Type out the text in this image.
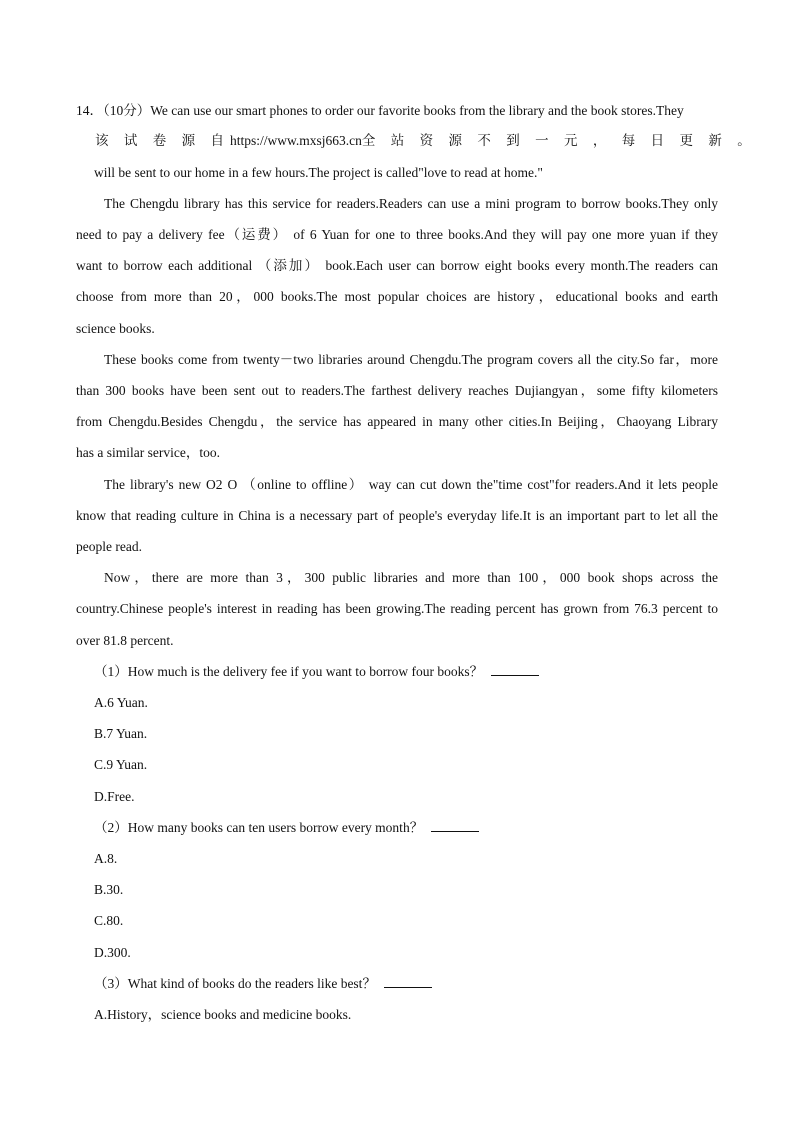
14．（10分）We can use our smart phones to order our favorite books from the library and the book stores.They
该 试 卷 源 自 https://www.mxsj663.cn 全 站 资 源 不 到 一 元 ， 每 日 更 新 。
will be sent to our home in a few hours.The project is called"love to read at home."
The Chengdu library has this service for readers.Readers can use a mini program to borrow books.They only
need to pay a delivery fee（运费） of 6 Yuan for one to three books.And they will pay one more yuan if they
want to borrow each additional （添加） book.Each user can borrow eight books every month.The readers can
choose from more than 20，000 books.The most popular choices are history，educational books and earth
science books.
These books come from twenty－two libraries around Chengdu.The program covers all the city.So far，more
than 300 books have been sent out to readers.The farthest delivery reaches Dujiangyan，some fifty kilometers
from Chengdu.Besides Chengdu，the service has appeared in many other cities.In Beijing，Chaoyang Library
has a similar service，too.
The library's new O2 O （online to offline） way can cut down the"time cost"for readers.And it lets people
know that reading culture in China is a necessary part of people's everyday life.It is an important part to let all the
people read.
Now，there are more than 3，300 public libraries and more than 100，000 book shops across the
country.Chinese people's interest in reading has been growing.The reading percent has grown from 76.3 percent to
over 81.8 percent.
（1）How much is the delivery fee if you want to borrow four books？
A.6 Yuan.
B.7 Yuan.
C.9 Yuan.
D.Free.
（2）How many books can ten users borrow every month？
A.8.
B.30.
C.80.
D.300.
（3）What kind of books do the readers like best？
A.History，science books and medicine books.
